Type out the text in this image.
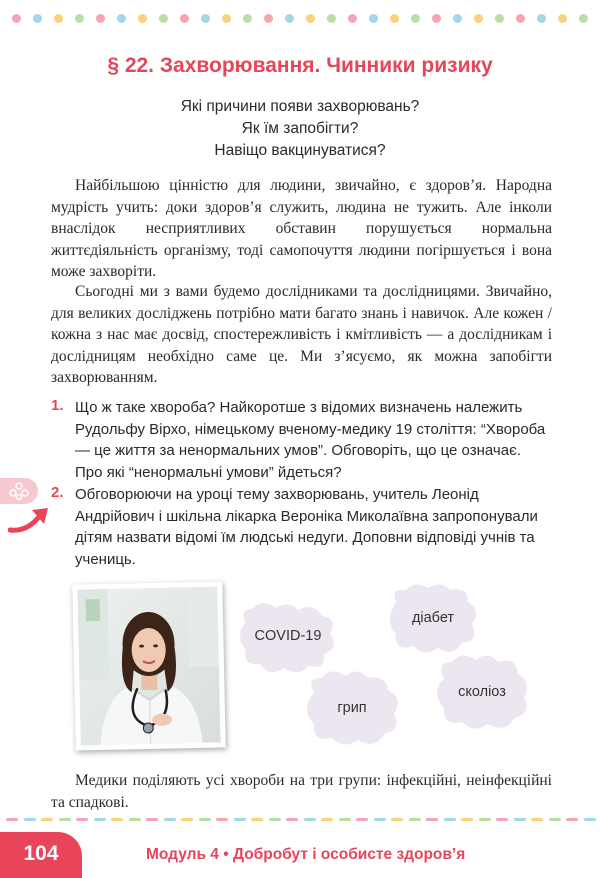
§ 22. Захворювання. Чинники ризику
Які причини появи захворювань?
Як їм запобігти?
Навіщо вакцинуватися?
Найбільшою цінністю для людини, звичайно, є здоров’я. Народна мудрість учить: доки здоров’я служить, людина не тужить. Але інколи внаслідок несприятливих обставин порушується нормальна життєдіяльність організму, тоді самопочуття людини погіршується і вона може захворіти.
Сьогодні ми з вами будемо дослідниками та дослідницями. Звичайно, для великих досліджень потрібно мати багато знань і навичок. Але кожен / кожна з нас має досвід, спостережливість і кмітливість — а дослідникам і дослідницям необхідно саме це. Ми з’ясуємо, як можна запобігти захворюванням.
1. Що ж таке хвороба? Найкоротше з відомих визначень належить Рудольфу Вірхо, німецькому вченому-медику 19 століття: “Хвороба — це життя за ненормальних умов”. Обговоріть, що це означає. Про які “ненормальні умови” йдеться?
2. Обговорюючи на уроці тему захворювань, учитель Леонід Андрійович і шкільна лікарка Вероніка Миколаївна запропонували дітям назвати відомі їм людські недуги. Доповни відповіді учнів та учениць.
COVID-19
діабет
грип
сколіоз
Медики поділяють усі хвороби на три групи: інфекційні, неінфекційні та спадкові.
104	Модуль 4 • Добробут і особисте здоров’я
